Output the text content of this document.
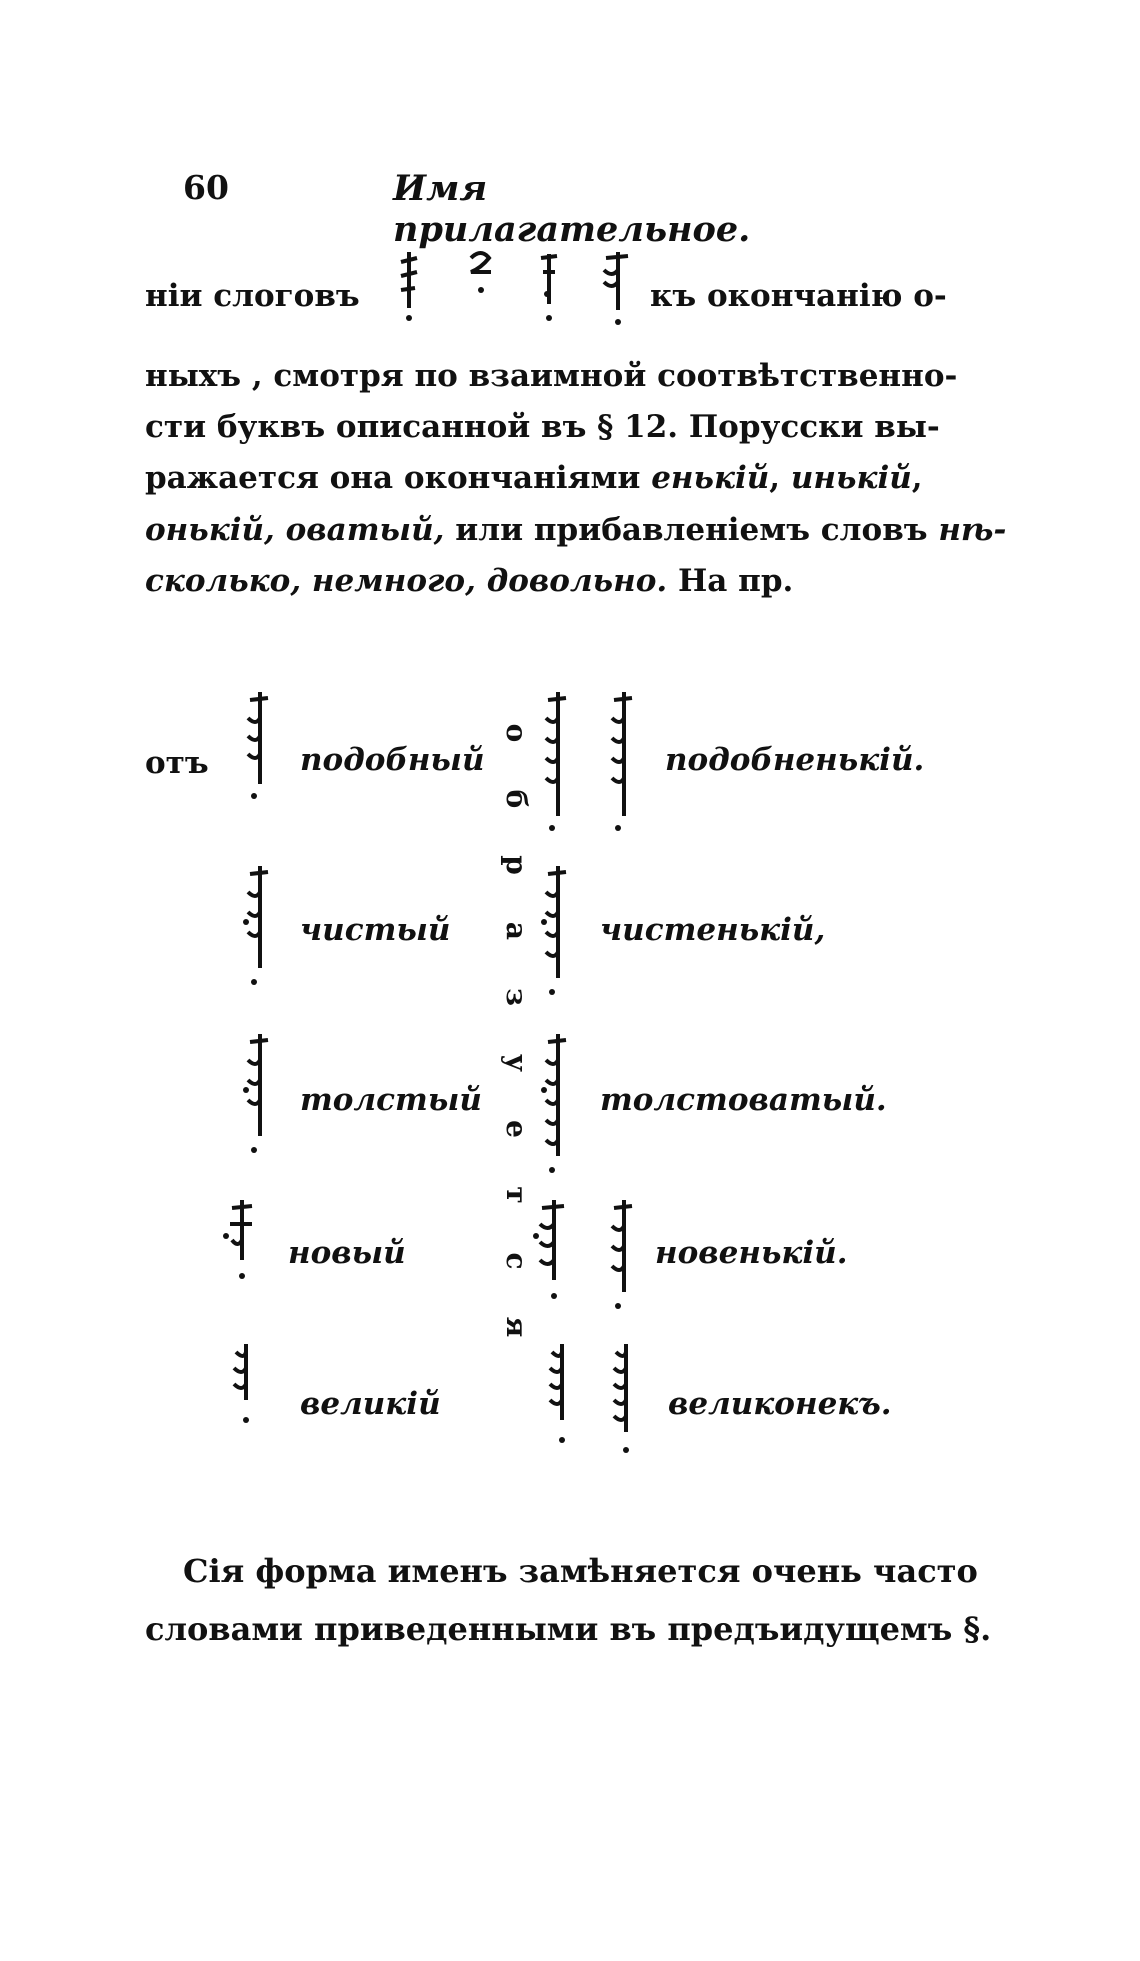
60	Имя прилагательное.
ніи слоговъ	къ окончанію о-
ныхъ , смотря по взаимной соотвѣтственно-
сти буквъ описанной въ § 12. Порусски вы-
ражается она окончаніями енькій, инькій,
онькій, оватый, или прибавленіемъ словъ нѣ-
сколько, немного, довольно. На пр.
о
б
р
а
з
у
е
т
с
я
отъ	подобный	подобненькій.
чистый	чистенькій,
толстый	толстоватый.
новый	новенькій.
великій	великонекъ.
Сія форма именъ замѣняется очень часто
словами приведенными въ предъидущемъ §.
